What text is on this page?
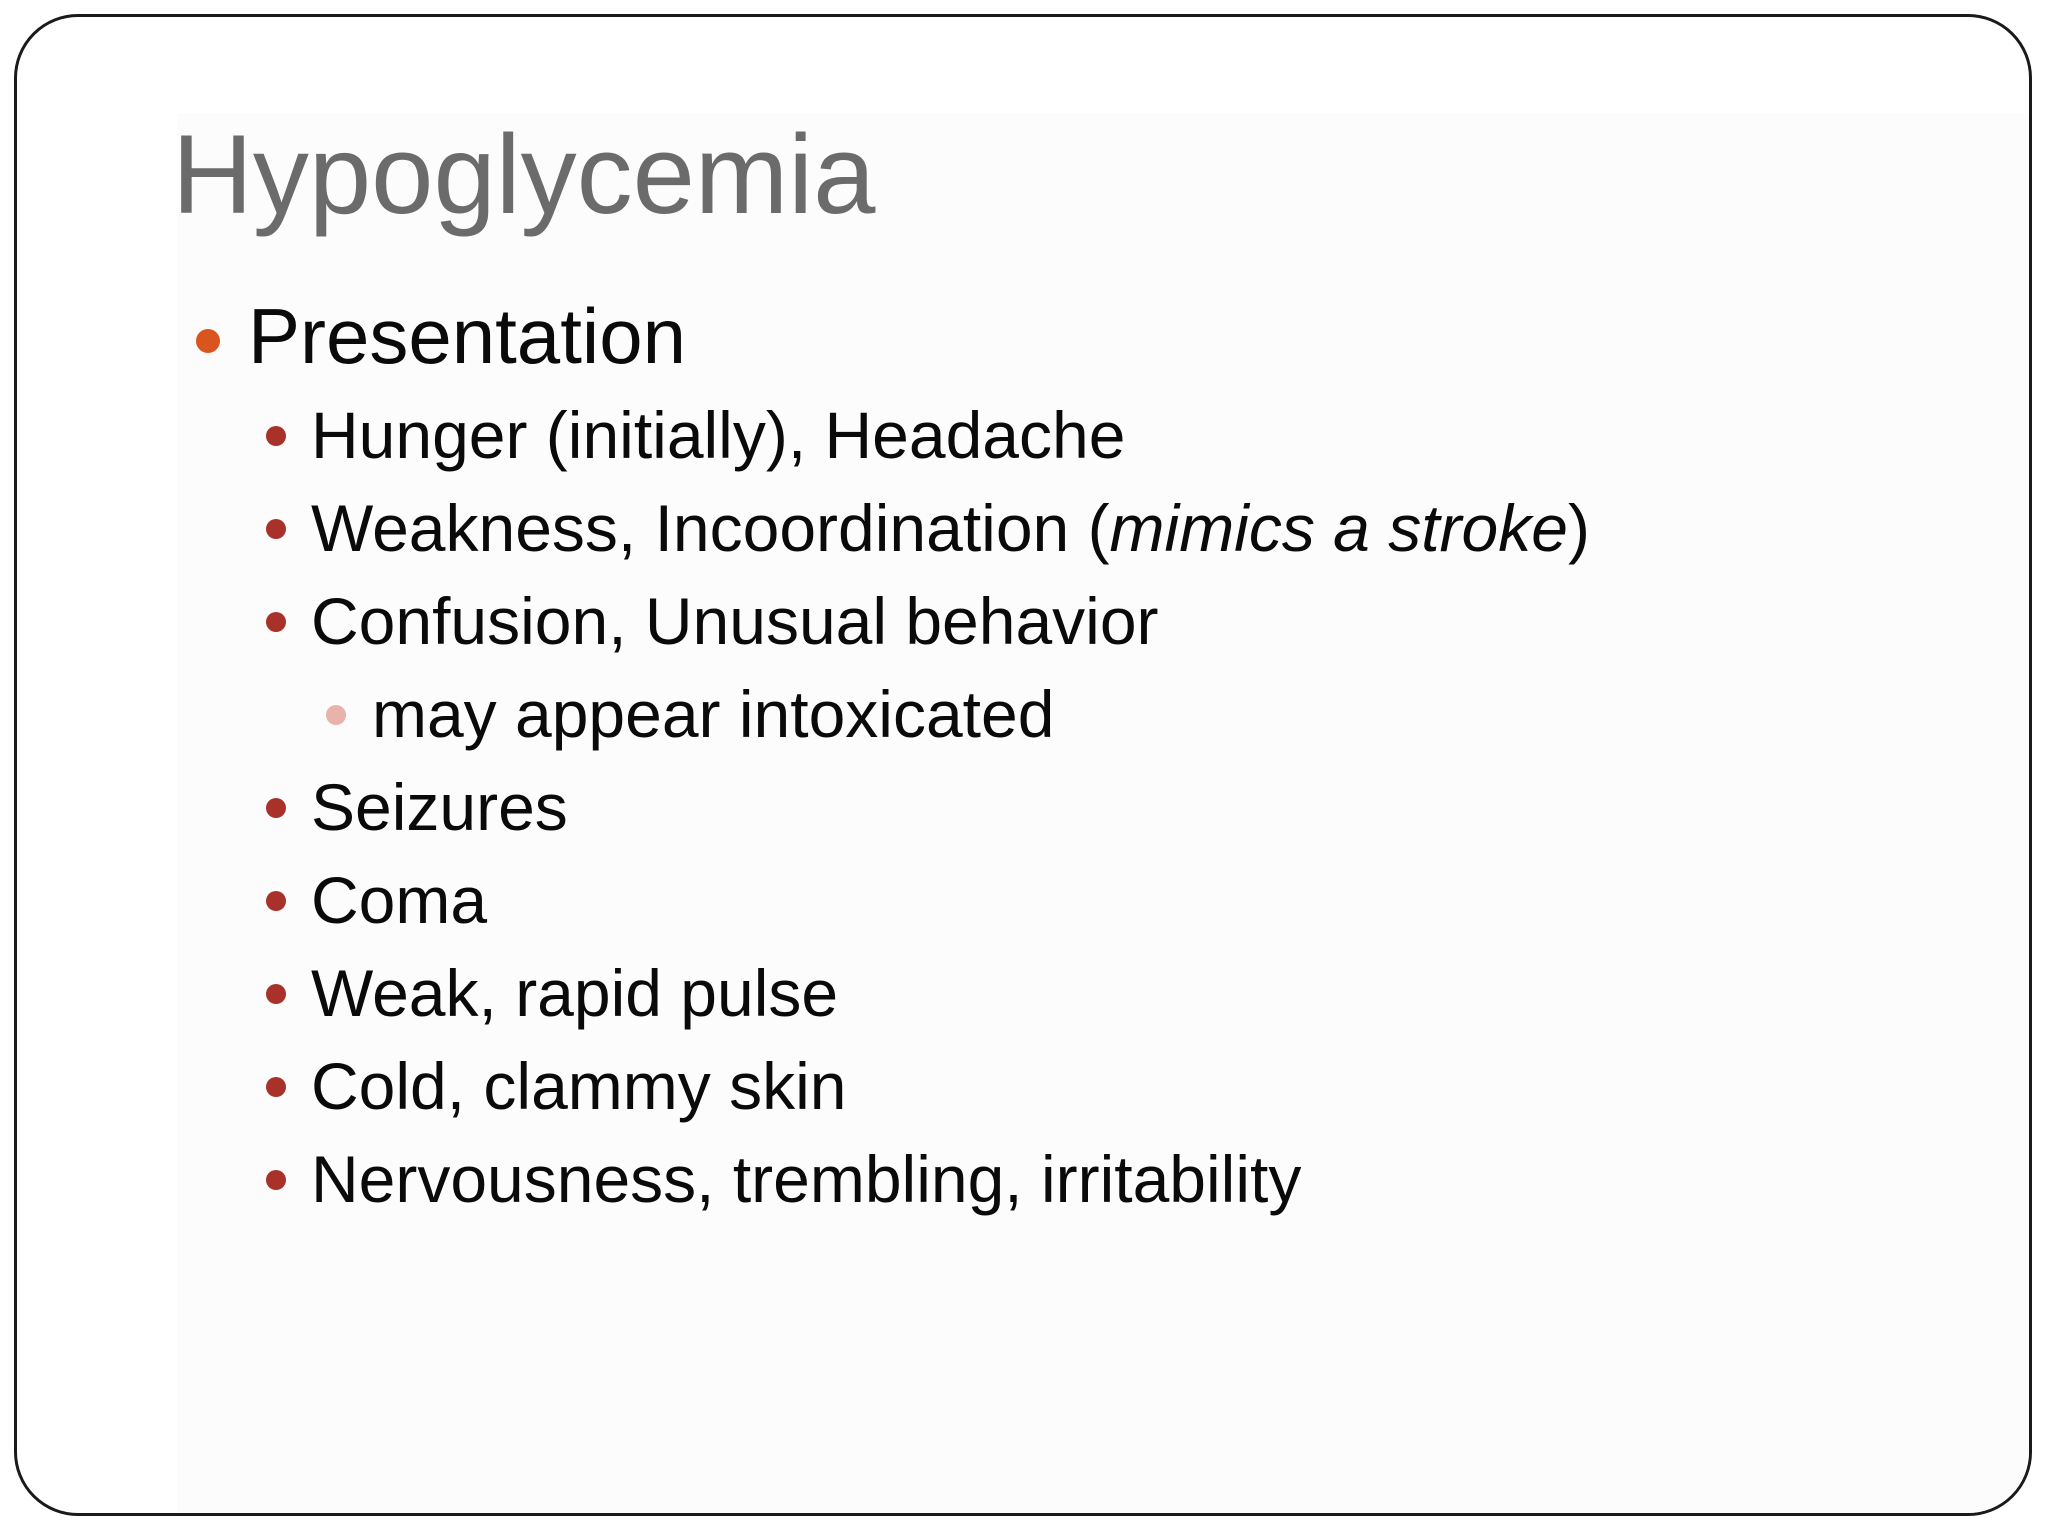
Hypoglycemia
Presentation
Hunger (initially), Headache
Weakness, Incoordination (mimics a stroke)
Confusion, Unusual behavior
may appear intoxicated
Seizures
Coma
Weak, rapid pulse
Cold, clammy skin
Nervousness, trembling, irritability
